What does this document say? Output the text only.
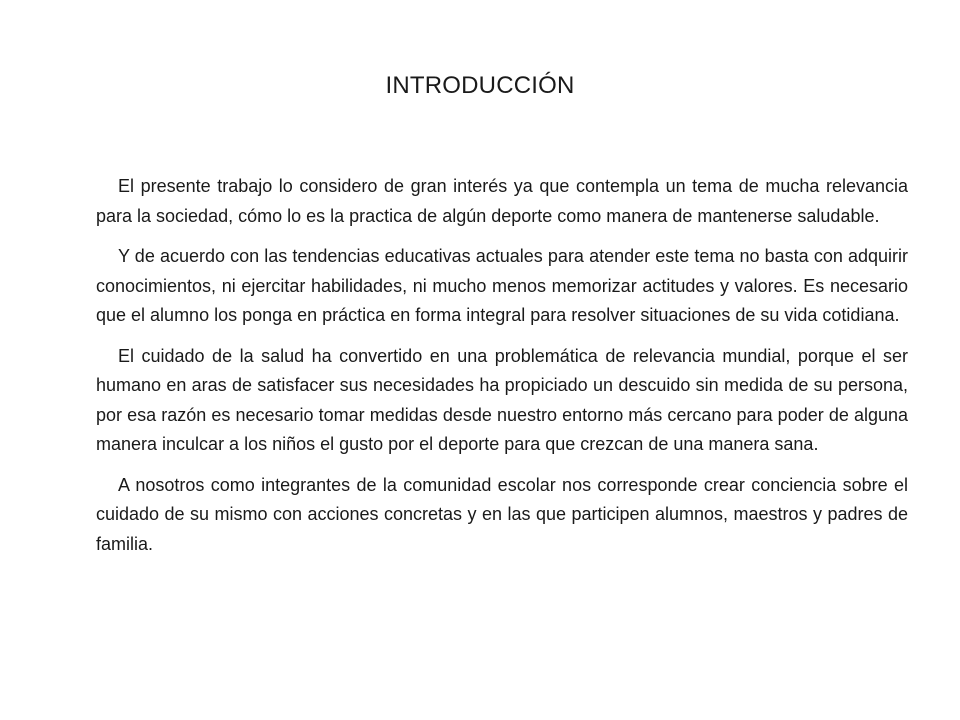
INTRODUCCIÓN

El presente trabajo lo considero de gran interés ya que contempla un tema de mucha relevancia para la sociedad, cómo lo es la practica de algún deporte como manera de mantenerse saludable.

Y de acuerdo con las tendencias educativas actuales para atender este tema no basta con adquirir conocimientos, ni ejercitar habilidades, ni mucho menos memorizar actitudes y valores. Es necesario que el alumno los ponga en práctica en forma integral para resolver situaciones de su vida cotidiana.

El cuidado de la salud ha convertido en una problemática de relevancia mundial, porque el ser humano en aras de satisfacer sus necesidades ha propiciado un descuido sin medida de su persona, por esa razón es necesario tomar medidas desde nuestro entorno más cercano para poder de alguna manera inculcar a los niños el gusto por el deporte para que crezcan de una manera sana.

A nosotros como integrantes de la comunidad escolar nos corresponde crear conciencia sobre el cuidado de su mismo con acciones concretas y en las que participen alumnos, maestros y padres de familia.
